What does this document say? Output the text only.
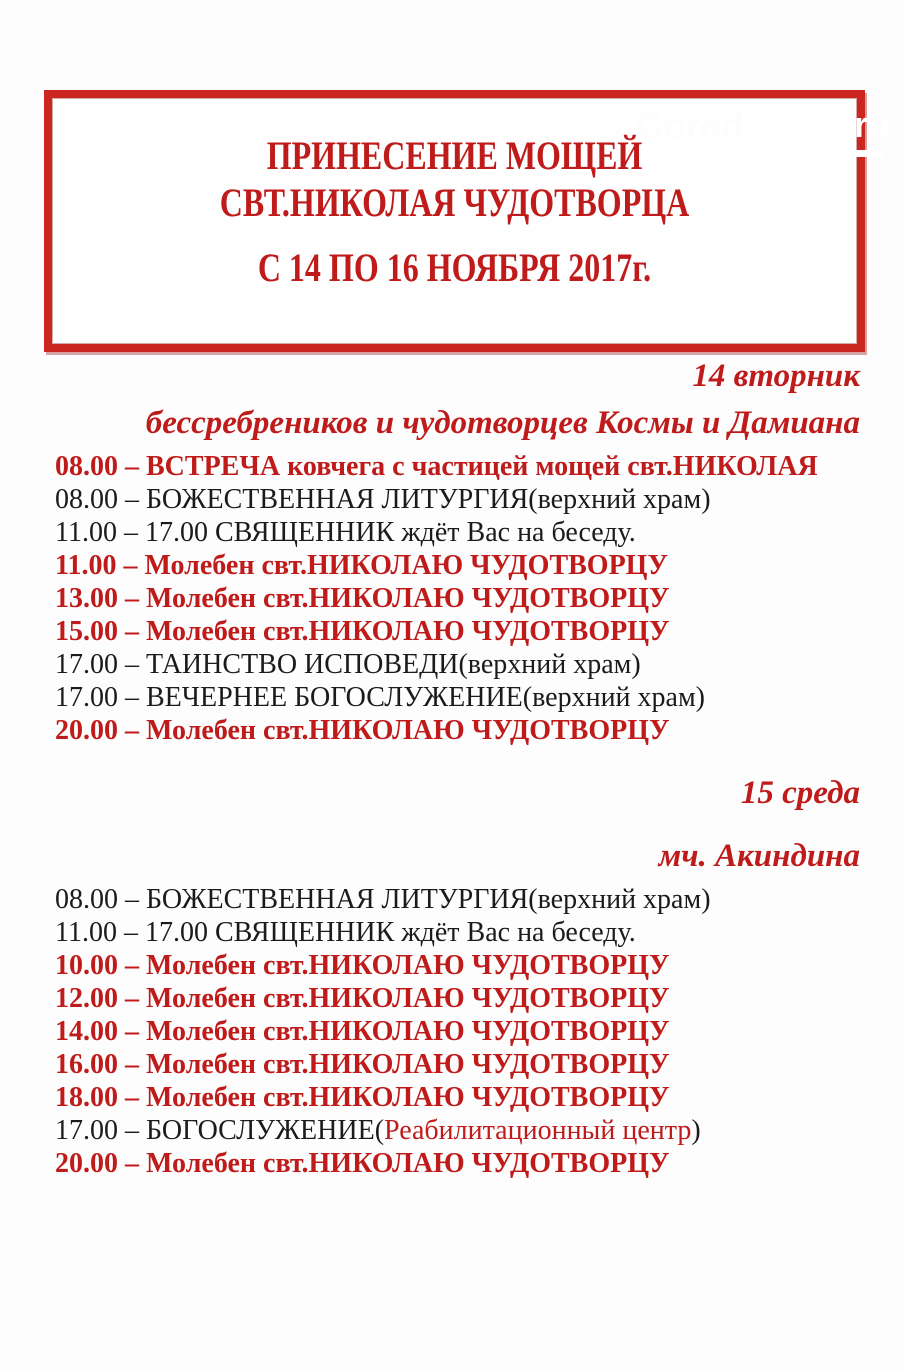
Gorod 3466.ru
ПРИНЕСЕНИЕ МОЩЕЙ
СВТ.НИКОЛАЯ ЧУДОТВОРЦА
С 14 ПО 16 НОЯБРЯ 2017г.
14 вторник
бессребреников и чудотворцев Космы и Дамиана
08.00 – ВСТРЕЧА ковчега с частицей мощей свт.НИКОЛАЯ
08.00 – БОЖЕСТВЕННАЯ ЛИТУРГИЯ(верхний храм)
11.00 – 17.00 СВЯЩЕННИК ждёт Вас на беседу.
11.00 – Молебен свт.НИКОЛАЮ ЧУДОТВОРЦУ
13.00 – Молебен свт.НИКОЛАЮ ЧУДОТВОРЦУ
15.00 – Молебен свт.НИКОЛАЮ ЧУДОТВОРЦУ
17.00 – ТАИНСТВО ИСПОВЕДИ(верхний храм)
17.00 – ВЕЧЕРНЕЕ БОГОСЛУЖЕНИЕ(верхний храм)
20.00 – Молебен свт.НИКОЛАЮ ЧУДОТВОРЦУ
15 среда
мч. Акиндина
08.00 – БОЖЕСТВЕННАЯ ЛИТУРГИЯ(верхний храм)
11.00 – 17.00 СВЯЩЕННИК ждёт Вас на беседу.
10.00 – Молебен свт.НИКОЛАЮ ЧУДОТВОРЦУ
12.00 – Молебен свт.НИКОЛАЮ ЧУДОТВОРЦУ
14.00 – Молебен свт.НИКОЛАЮ ЧУДОТВОРЦУ
16.00 – Молебен свт.НИКОЛАЮ ЧУДОТВОРЦУ
18.00 – Молебен свт.НИКОЛАЮ ЧУДОТВОРЦУ
17.00 – БОГОСЛУЖЕНИЕ(Реабилитационный центр)
20.00 – Молебен свт.НИКОЛАЮ ЧУДОТВОРЦУ
